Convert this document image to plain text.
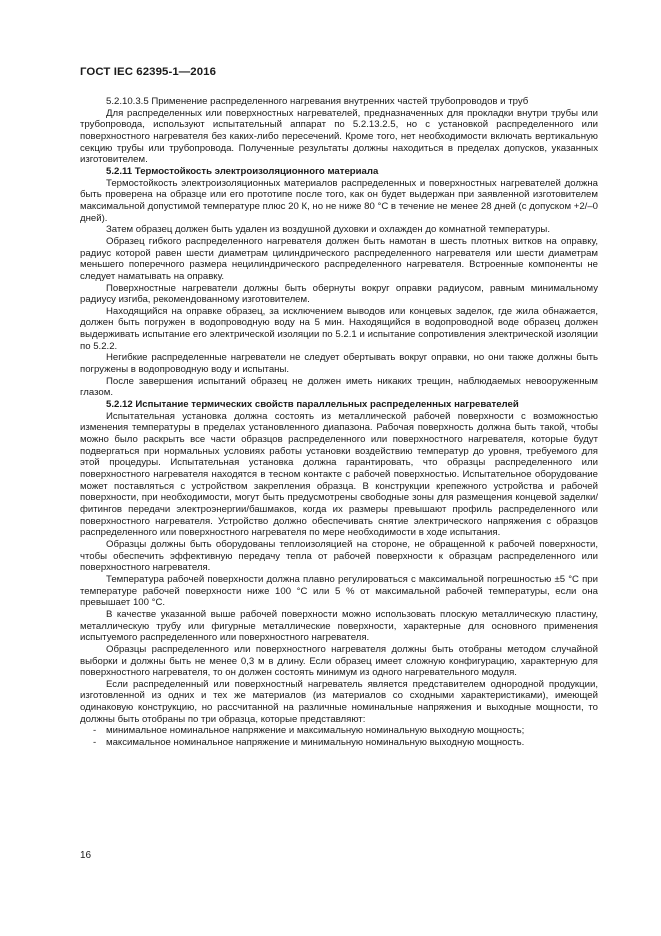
ГОСТ IEC 62395-1—2016

5.2.10.3.5 Применение распределенного нагревания внутренних частей трубопроводов и труб

Для распределенных или поверхностных нагревателей, предназначенных для прокладки внутри трубы или трубопровода, используют испытательный аппарат по 5.2.13.2.5, но с установкой распределенного или поверхностного нагревателя без каких-либо пересечений. Кроме того, нет необходимости включать вертикальную секцию трубы или трубопровода. Полученные результаты должны находиться в пределах допусков, указанных изготовителем.

5.2.11 Термостойкость электроизоляционного материала

Термостойкость электроизоляционных материалов распределенных и поверхностных нагревателей должна быть проверена на образце или его прототипе после того, как он будет выдержан при заявленной изготовителем максимальной допустимой температуре плюс 20 К, но не ниже 80 °С в течение не менее 28 дней (с допуском +2/–0 дней).

Затем образец должен быть удален из воздушной духовки и охлажден до комнатной температуры.

Образец гибкого распределенного нагревателя должен быть намотан в шесть плотных витков на оправку, радиус которой равен шести диаметрам цилиндрического распределенного нагревателя или шести диаметрам меньшего поперечного размера нецилиндрического распределенного нагревателя. Встроенные компоненты не следует наматывать на оправку.

Поверхностные нагреватели должны быть обернуты вокруг оправки радиусом, равным минимальному радиусу изгиба, рекомендованному изготовителем.

Находящийся на оправке образец, за исключением выводов или концевых заделок, где жила обнажается, должен быть погружен в водопроводную воду на 5 мин. Находящийся в водопроводной воде образец должен выдерживать испытание его электрической изоляции по 5.2.1 и испытание сопротивления электрической изоляции по 5.2.2.

Негибкие распределенные нагреватели не следует обертывать вокруг оправки, но они также должны быть погружены в водопроводную воду и испытаны.

После завершения испытаний образец не должен иметь никаких трещин, наблюдаемых невооруженным глазом.

5.2.12 Испытание термических свойств параллельных распределенных нагревателей

Испытательная установка должна состоять из металлической рабочей поверхности с возможностью изменения температуры в пределах установленного диапазона. Рабочая поверхность должна быть такой, чтобы можно было раскрыть все части образцов распределенного или поверхностного нагревателя, которые будут подвергаться при нормальных условиях работы установки воздействию температур до уровня, требуемого для этой процедуры. Испытательная установка должна гарантировать, что образцы распределенного или поверхностного нагревателя находятся в тесном контакте с рабочей поверхностью. Испытательное оборудование может поставляться с устройством закрепления образца. В конструкции крепежного устройства и рабочей поверхности, при необходимости, могут быть предусмотрены свободные зоны для размещения концевой заделки/фитингов передачи электроэнергии/башмаков, когда их размеры превышают профиль распределенного или поверхностного нагревателя. Устройство должно обеспечивать снятие электрического напряжения с образцов распределенного или поверхностного нагревателя по мере необходимости в ходе испытания.

Образцы должны быть оборудованы теплоизоляцией на стороне, не обращенной к рабочей поверхности, чтобы обеспечить эффективную передачу тепла от рабочей поверхности к образцам распределенного или поверхностного нагревателя.

Температура рабочей поверхности должна плавно регулироваться с максимальной погрешностью ±5 °С при температуре рабочей поверхности ниже 100 °С или 5 % от максимальной рабочей температуры, если она превышает 100 °С.

В качестве указанной выше рабочей поверхности можно использовать плоскую металлическую пластину, металлическую трубу или фигурные металлические поверхности, характерные для основного применения испытуемого распределенного или поверхностного нагревателя.

Образцы распределенного или поверхностного нагревателя должны быть отобраны методом случайной выборки и должны быть не менее 0,3 м в длину. Если образец имеет сложную конфигурацию, характерную для поверхностного нагревателя, то он должен состоять минимум из одного нагревательного модуля.

Если распределенный или поверхностный нагреватель является представителем однородной продукции, изготовленной из одних и тех же материалов (из материалов со сходными характеристиками), имеющей одинаковую конструкцию, но рассчитанной на различные номинальные напряжения и выходные мощности, то должны быть отобраны по три образца, которые представляют:

- минимальное номинальное напряжение и максимальную номинальную выходную мощность;

- максимальное номинальное напряжение и минимальную номинальную выходную мощность.

16
